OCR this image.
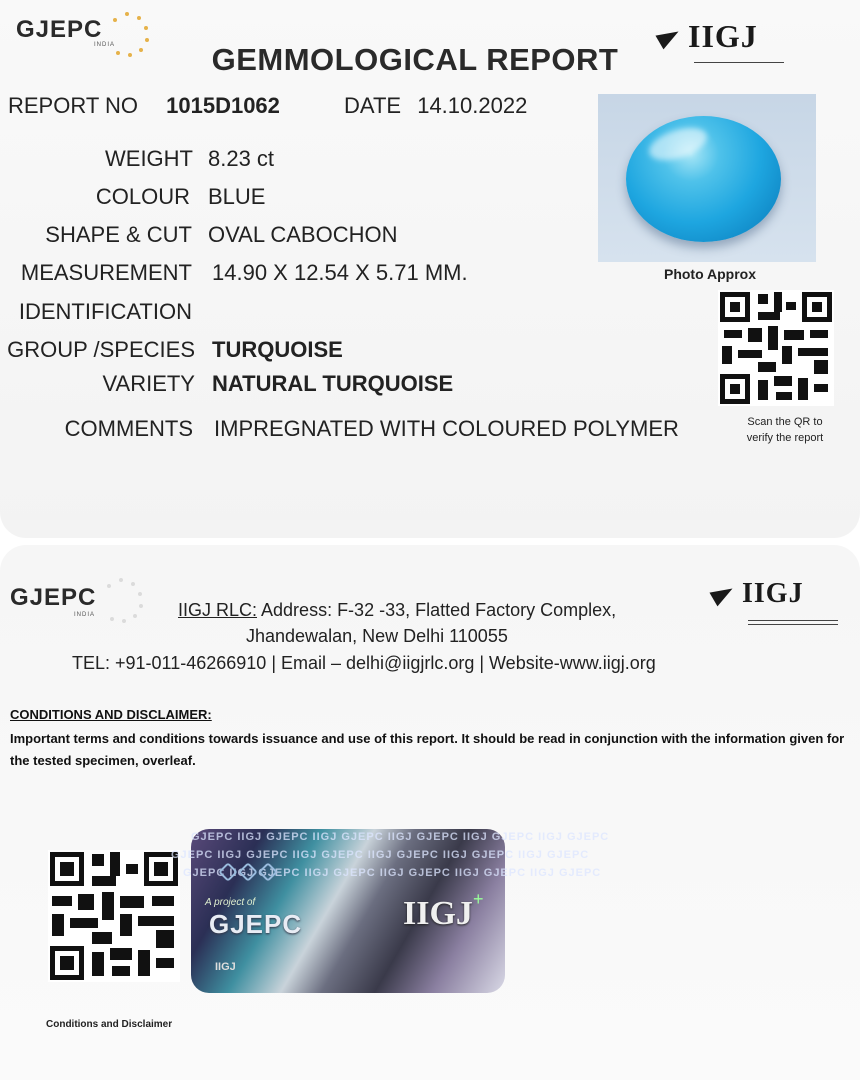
GJEPC
INDIA	IIGJ
GEMMOLOGICAL REPORT
REPORT NO 1015D1062	DATE 14.10.2022
WEIGHT 8.23 ct
COLOUR BLUE
SHAPE & CUT OVAL CABOCHON
MEASUREMENT 14.90 X 12.54 X 5.71 MM.
IDENTIFICATION
GROUP /SPECIES TURQUOISE
VARIETY NATURAL TURQUOISE
COMMENTS IMPREGNATED WITH COLOURED POLYMER
Photo Approx
Scan the QR to
verify the report
GJEPC
INDIA
IIGJ
IIGJ RLC: Address: F-32 -33, Flatted Factory Complex,
Jhandewalan, New Delhi 110055
TEL: +91-011-46266910 | Email – delhi@iigjrlc.org | Website-www.iigj.org
CONDITIONS AND DISCLAIMER:
Important terms and conditions towards issuance and use of this report. It should be read in conjunction with the information given for the tested specimen, overleaf.
Conditions and Disclaimer
GJEPC IIGJ GJEPC IIGJ GJEPC IIGJ GJEPC IIGJ GJEPC IIGJ GJEPC
GJEPC IIGJ GJEPC IIGJ GJEPC IIGJ GJEPC IIGJ GJEPC IIGJ GJEPC
GJEPC IIGJ GJEPC IIGJ GJEPC IIGJ GJEPC IIGJ GJEPC IIGJ GJEPC
A project of
GJEPC	IIGJ +
IIGJ
